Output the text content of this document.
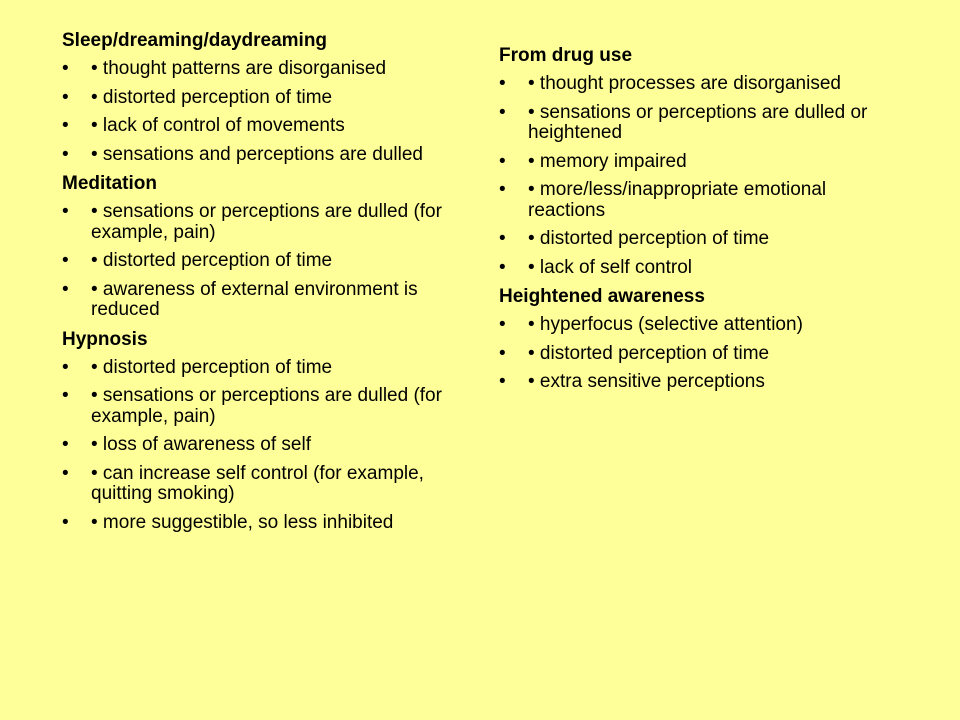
Sleep/dreaming/daydreaming
• • thought patterns are disorganised
• • distorted perception of time
• • lack of control of movements
• • sensations and perceptions are dulled
Meditation
• • sensations or perceptions are dulled (for example, pain)
• • distorted perception of time
• • awareness of external environment is reduced
Hypnosis
• • distorted perception of time
• • sensations or perceptions are dulled (for example, pain)
• • loss of awareness of self
• • can increase self control (for example, quitting smoking)
• • more suggestible, so less inhibited
From drug use
• • thought processes are disorganised
• • sensations or perceptions are dulled or heightened
• • memory impaired
• • more/less/inappropriate emotional reactions
• • distorted perception of time
• • lack of self control
Heightened awareness
• • hyperfocus (selective attention)
• • distorted perception of time
• • extra sensitive perceptions
